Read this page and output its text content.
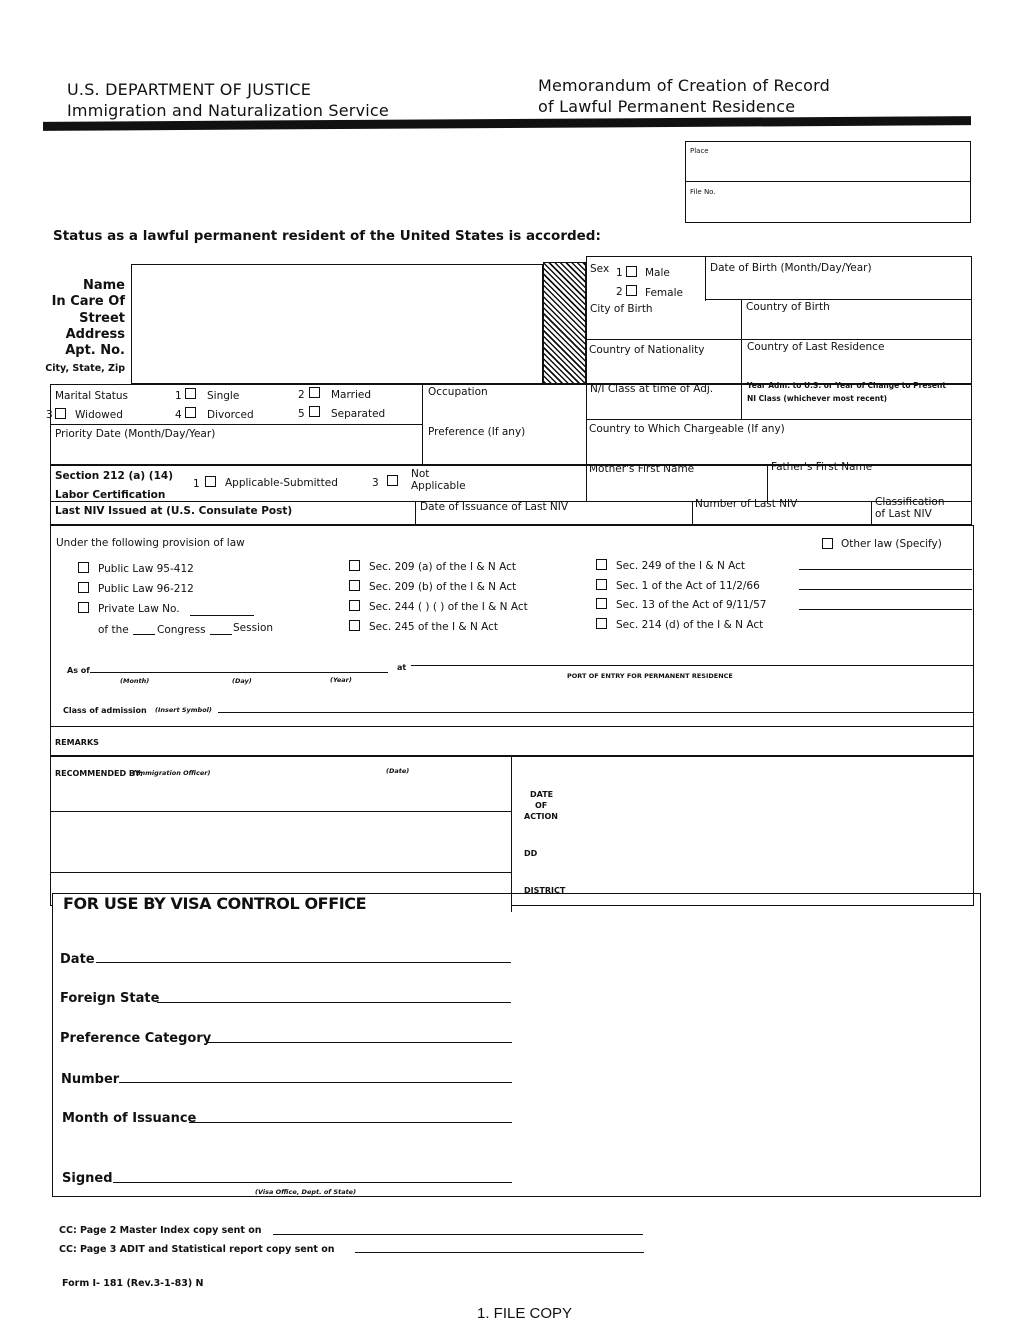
U.S. DEPARTMENT OF JUSTICE
Immigration and Naturalization Service
Memorandum of Creation of Record
of Lawful Permanent Residence
Place
File No.
Status as a lawful permanent resident of the United States is accorded:
Name
In Care Of
Street
Address
Apt. No.
City, State, Zip
Sex 1 Male
2 Female
Date of Birth (Month/Day/Year)
City of Birth	Country of Birth
Country of Nationality	Country of Last Residence
Marital Status	1 Single	2	Married
3 Widowed	4 Divorced	5	Separated
Occupation	N/I Class at time of Adj.	Year Adm. to U.S. or Year of Change to Present
NI Class (whichever most recent)
Priority Date (Month/Day/Year)	Preference (If any)	Country to Which Chargeable (If any)
Section 212 (a) (14)
Labor Certification
1 Applicable-Submitted	3
Not
Applicable
Mother's First Name	Father's First Name
Last NIV Issued at (U.S. Consulate Post)	Date of Issuance of Last NIV	Number of Last NIV	Classification
of Last NIV
Under the following provision of law	Other law (Specify)
Public Law 95-412
Public Law 96-212
Private Law No.
of the	Congress	Session
Sec. 209 (a) of the I & N Act
Sec. 209 (b) of the I & N Act
Sec. 244 ( ) ( ) of the I & N Act
Sec. 245 of the I & N Act
Sec. 249 of the I & N Act
Sec. 1 of the Act of 11/2/66
Sec. 13 of the Act of 9/11/57
Sec. 214 (d) of the I & N Act
As of
(Month)	(Day)	(Year)
at
PORT OF ENTRY FOR PERMANENT RESIDENCE
Class of admission (Insert Symbol)
REMARKS
RECOMMENDED BY:
(Immigration Officer)	(Date)
DATE
OF
ACTION
DD
DISTRICT
FOR USE BY VISA CONTROL OFFICE
Date
Foreign State
Preference Category
Number
Month of Issuance
Signed
(Visa Office, Dept. of State)
CC: Page 2 Master Index copy sent on
CC: Page 3 ADIT and Statistical report copy sent on
Form I- 181 (Rev.3-1-83) N
1. FILE COPY
